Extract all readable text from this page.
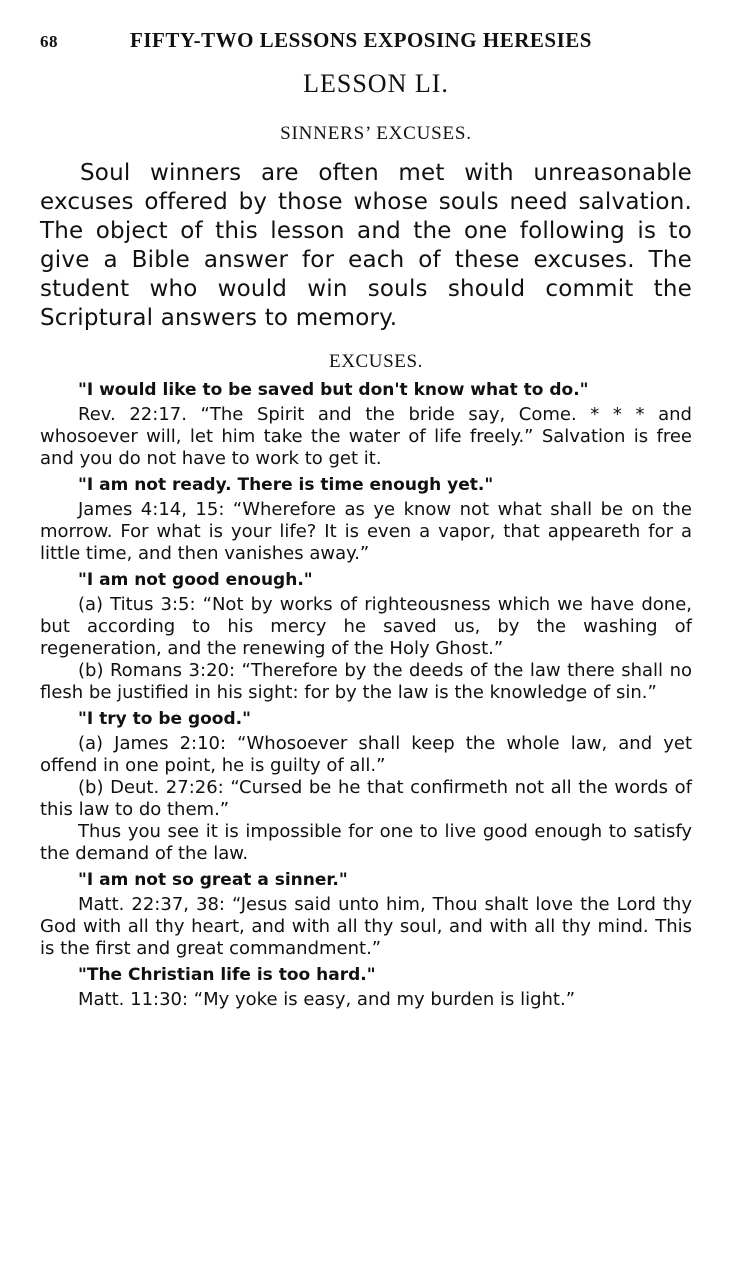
68	FIFTY-TWO LESSONS EXPOSING HERESIES
LESSON LI.
SINNERS’ EXCUSES.

Soul winners are often met with unreasonable excuses offered by those whose souls need salvation. The object of this lesson and the one following is to give a Bible answer for each of these excuses. The student who would win souls should commit the Scriptural answers to memory.

EXCUSES.

"I would like to be saved but don't know what to do."

Rev. 22:17. “The Spirit and the bride say, Come. * * * and whosoever will, let him take the water of life freely.” Salvation is free and you do not have to work to get it.

"I am not ready. There is time enough yet."

James 4:14, 15: “Wherefore as ye know not what shall be on the morrow. For what is your life? It is even a vapor, that appeareth for a little time, and then vanishes away.”

"I am not good enough."

(a) Titus 3:5: “Not by works of righteousness which we have done, but according to his mercy he saved us, by the washing of regeneration, and the renewing of the Holy Ghost.”

(b) Romans 3:20: “Therefore by the deeds of the law there shall no flesh be justified in his sight: for by the law is the knowledge of sin.”

"I try to be good."

(a) James 2:10: “Whosoever shall keep the whole law, and yet offend in one point, he is guilty of all.”

(b) Deut. 27:26: “Cursed be he that confirmeth not all the words of this law to do them.”

Thus you see it is impossible for one to live good enough to satisfy the demand of the law.

"I am not so great a sinner."

Matt. 22:37, 38: “Jesus said unto him, Thou shalt love the Lord thy God with all thy heart, and with all thy soul, and with all thy mind. This is the first and great commandment.”

"The Christian life is too hard."

Matt. 11:30: “My yoke is easy, and my burden is light.”
